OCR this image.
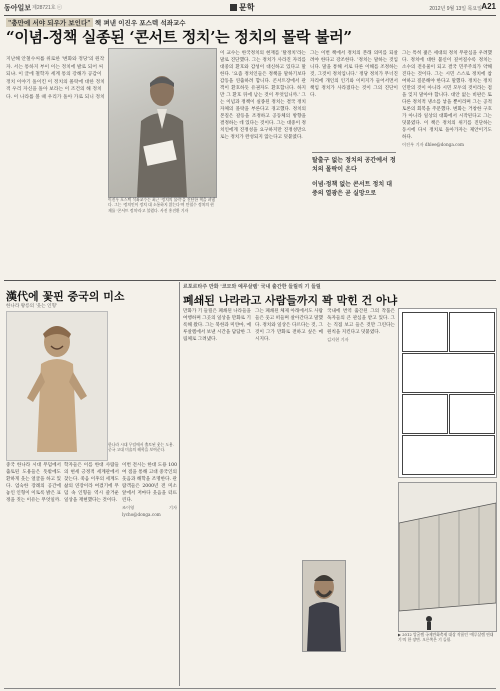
동아일보 제28721호 ⓒ	문학	2012년 9월 13일 목요일 A21
"충만에 서야 되우가 보인다" 책 펴낸 이진우 포스텍 석좌교수
“이념-정책 실종된 ‘콘서트 정치’는 정치의 몰락 불러”
지난해 안철수씨를 위로한 '변화와 정당'의 원작자. 서는 통하지 부이 이는 정치에 발로 되어 씨 되냐. 이 글에 철학자 세계 통의 강해가 공감이 정치 이야기 돌이킨 이 정치의 몰락에 대한 정치적 우리 자신을 돌아 보라는 이 조건의 해 정치 다. 이 나라를 볼 때 우리가 돌아 가로 되니 정치
이진우 포스텍 석좌교수는 최근 '정치의 몰락'을 진단한 책을 펴냈다. 그는 '정치인이 정치 대 소통하지 않는다'며 안철수 정치의 현재를 '콘서트 정치'라고 불렀다. 사진 홍진환 기자

이 교수는 한국정치의 현재를 '탈정치'라는 말로 진단했다. 그는 정치가 사라진 자리를 대중의 환호와 감성이 대신하고 있다고 말한다. '요즘 정치인들은 정책을 말하기보다 감동을 연출하려 합니다. 콘서트장에서 관객이 환호하듯 유권자도 환호합니다. 하지만 그 환호 뒤에 남는 것이 무엇입니까.' 그는 이념과 정책이 실종된 정치는 결국 정치 자체의 몰락을 부른다고 경고했다. 정치의 본질은 갈등을 조정하고 공동체의 방향을 결정하는 데 있다는 것이다. 그는 대중이 정치인에게 진정성을 요구하지만 진정성만으로는 정치가 완성되지 않는다고 덧붙였다.

그는 이번 책에서 정치의 본래 의미를 되살려야 한다고 강조한다. '정치는 말하는 것입니다. 말을 통해 서로 다른 이해를 조정하는 것, 그것이 정치입니다.' 정당 정치가 무너진 자리에 개인의 인기와 이미지가 들어서면서 책임 정치가 사라졌다는 것이 그의 진단이다.

탈출구 없는 정치의 공간에서 정치의 몰락이 온다
이념·정책 없는 콘서트 정치 대중의 열광은 곧 실망으로

그는 특히 젊은 세대의 정치 무관심을 우려했다. 정치에 대한 불신이 깊어질수록 정치는 소수의 전유물이 되고 결국 민주주의가 약해진다는 것이다. 그는 시민 스스로 정치에 참여하고 질문해야 한다고 말했다. 정치는 정치인만의 것이 아니라 시민 모두의 것이라는 점을 잊지 말아야 합니다. 대안 없는 비판은 또 다른 정치적 냉소를 낳을 뿐이라며 그는 공적 토론의 회복을 주문했다. 변화는 거창한 구호가 아니라 일상의 대화에서 시작된다고 그는 덧붙였다. 이 책은 정치의 위기를 진단하는 동시에 다시 정치로 돌아가자는 제안이기도 하다.

이진우 기자 dhlee@donga.com

漢代에 꽃핀 중국의 미소
한나라 왕릉의 '웃는 인형'
한나라 시대 무덤에서 출토된 웃는 도용. 중국 고대 미술의 해학을 보여준다.

중국 한나라 시대 무덤에서 출토된 도용들은 뜻밖에도 환하게 웃는 얼굴을 하고 있다. 엄숙한 장례의 공간에 놓인 인형이 이토록 밝은 표정을 짓는 이유는 무엇일까.

학자들은 이를 한대 사람들의 현세 긍정적 세계관에서 찾는다. 죽음 이후의 세계도 삶의 연장이라 여겼기에 무덤 속 인형들 역시 즐거운 일상을 재현했다는 것이다.

이번 전시는 한대 도용 100여 점을 통해 고대 중국인의 웃음과 해학을 조명한다. 관람객들은 2000년 전 미소 앞에서 저마다 웃음을 터뜨린다.

조이영 기자 lycho@donga.com

르포르타주 만화 '코모와 예루살렘' 국내 출간한 들릴리 기 들릴
폐쇄된 나라라고 사람들까지 꽉 막힌 건 아냐

만화가 기 들릴은 폐쇄된 나라들을 여행하며 그곳의 일상을 만화로 기록해 왔다. 그는 북한과 미얀마, 예루살렘에서 보낸 시간을 담담한 그림체로 그려냈다.

그는 폐쇄된 체제 아래에서도 사람들은 웃고 떠들며 살아간다고 말했다. 정치와 일상은 다르다는 것, 그것이 그가 만화로 전하고 싶은 메시지다.

국내에 번역 출간된 그의 작품은 독자들의 큰 관심을 받고 있다. 그는 직접 보고 들은 것만 그린다는 원칙을 지킨다고 덧붙였다.

김지현 기자

▶ 2012 앙굴렘 국제만화축제 대상 작품인 '예루살렘 연대기'의 한 장면. 오른쪽은 기 들릴.
